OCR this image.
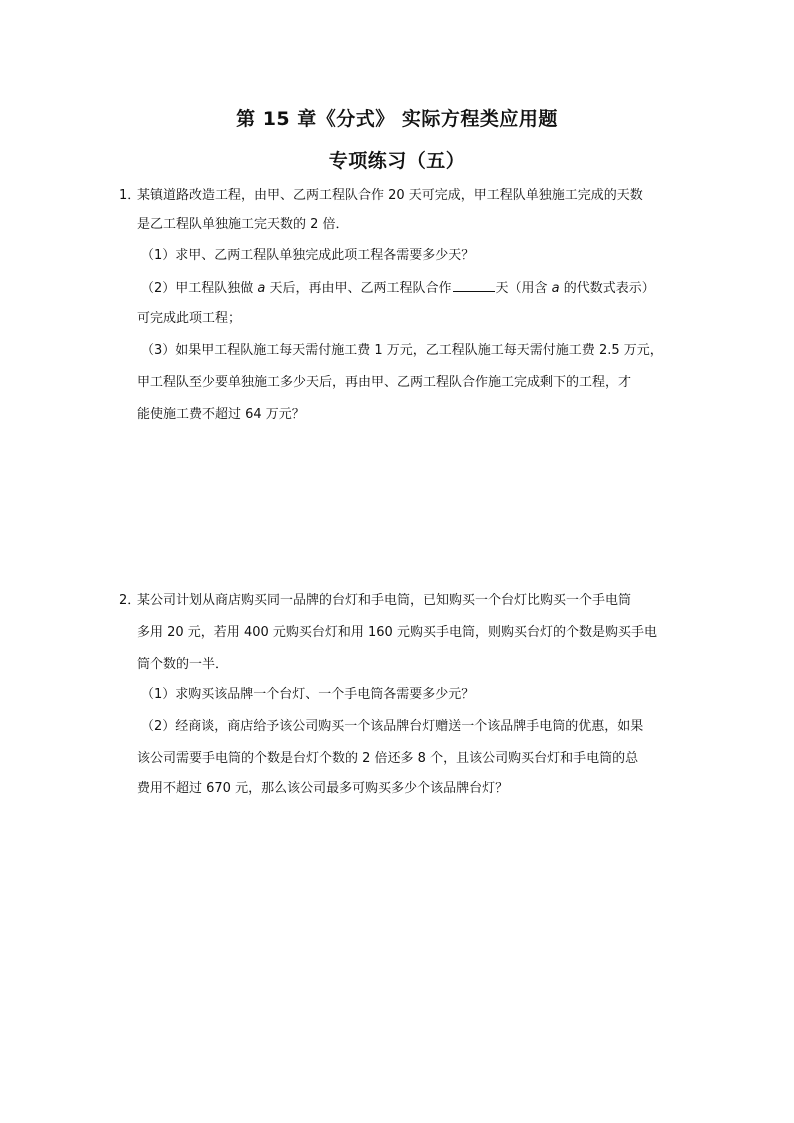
第 15 章《分式》 实际方程类应用题
专项练习（五）
1．某镇道路改造工程，由甲、乙两工程队合作 20 天可完成，甲工程队单独施工完成的天数
是乙工程队单独施工完天数的 2 倍．
（1）求甲、乙两工程队单独完成此项工程各需要多少天？
（2）甲工程队独做 a 天后，再由甲、乙两工程队合作	天（用含 a 的代数式表示）
可完成此项工程；
（3）如果甲工程队施工每天需付施工费 1 万元，乙工程队施工每天需付施工费 2.5 万元，
甲工程队至少要单独施工多少天后，再由甲、乙两工程队合作施工完成剩下的工程，才
能使施工费不超过 64 万元？
2．某公司计划从商店购买同一品牌的台灯和手电筒，已知购买一个台灯比购买一个手电筒
多用 20 元，若用 400 元购买台灯和用 160 元购买手电筒，则购买台灯的个数是购买手电
筒个数的一半．
（1）求购买该品牌一个台灯、一个手电筒各需要多少元？
（2）经商谈，商店给予该公司购买一个该品牌台灯赠送一个该品牌手电筒的优惠，如果
该公司需要手电筒的个数是台灯个数的 2 倍还多 8 个，且该公司购买台灯和手电筒的总
费用不超过 670 元，那么该公司最多可购买多少个该品牌台灯？
